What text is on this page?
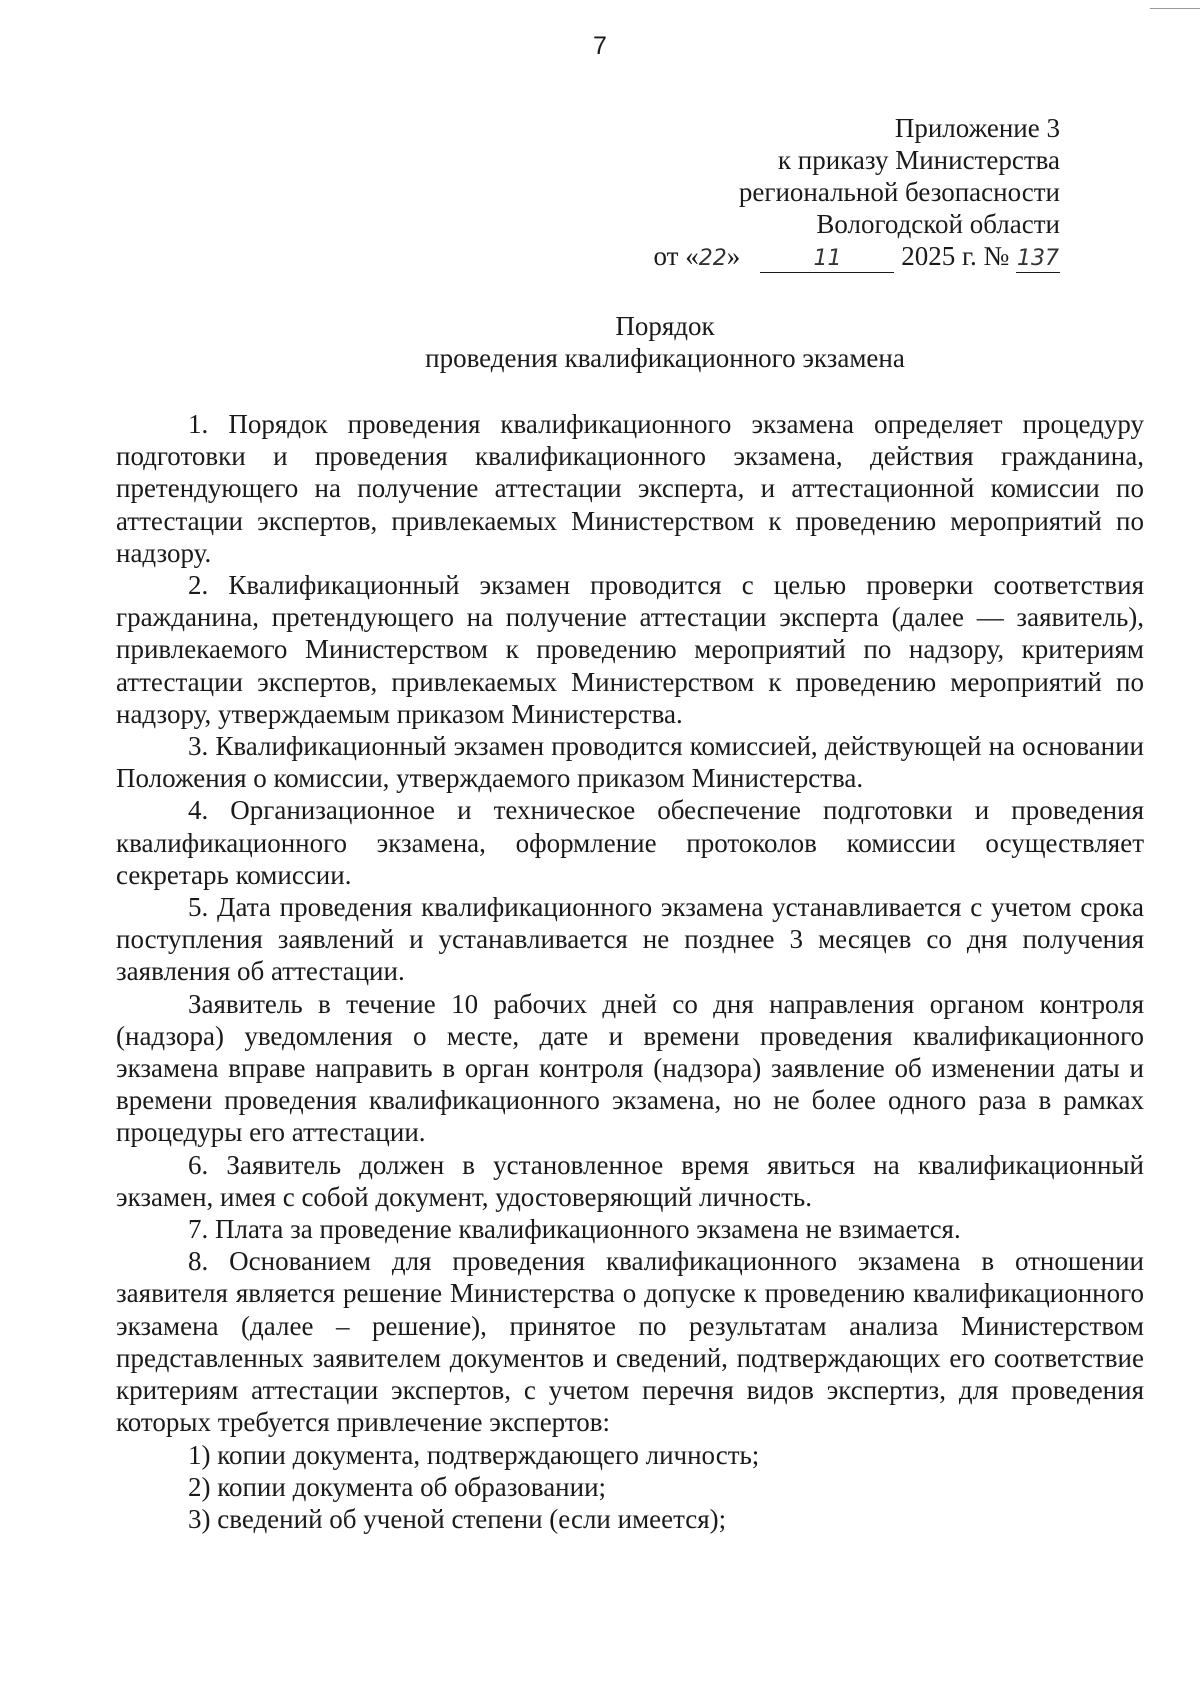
7
Приложение 3
к приказу Министерства
региональной безопасности
Вологодской области
от «22»	11 2025 г. № 137
Порядок
проведения квалификационного экзамена

1. Порядок проведения квалификационного экзамена определяет процедуру подготовки и проведения квалификационного экзамена, действия гражданина, претендующего на получение аттестации эксперта, и аттестационной комиссии по аттестации экспертов, привлекаемых Министерством к проведению мероприятий по надзору.

2. Квалификационный экзамен проводится с целью проверки соответствия гражданина, претендующего на получение аттестации эксперта (далее — заявитель), привлекаемого Министерством к проведению мероприятий по надзору, критериям аттестации экспертов, привлекаемых Министерством к проведению мероприятий по надзору, утверждаемым приказом Министерства.

3. Квалификационный экзамен проводится комиссией, действующей на основании Положения о комиссии, утверждаемого приказом Министерства.

4. Организационное и техническое обеспечение подготовки и проведения квалификационного экзамена, оформление протоколов комиссии осуществляет секретарь комиссии.

5. Дата проведения квалификационного экзамена устанавливается с учетом срока поступления заявлений и устанавливается не позднее 3 месяцев со дня получения заявления об аттестации.

Заявитель в течение 10 рабочих дней со дня направления органом контроля (надзора) уведомления о месте, дате и времени проведения квалификационного экзамена вправе направить в орган контроля (надзора) заявление об изменении даты и времени проведения квалификационного экзамена, но не более одного раза в рамках процедуры его аттестации.

6. Заявитель должен в установленное время явиться на квалификационный экзамен, имея с собой документ, удостоверяющий личность.

7. Плата за проведение квалификационного экзамена не взимается.

8. Основанием для проведения квалификационного экзамена в отношении заявителя является решение Министерства о допуске к проведению квалификационного экзамена (далее – решение), принятое по результатам анализа Министерством представленных заявителем документов и сведений, подтверждающих его соответствие критериям аттестации экспертов, с учетом перечня видов экспертиз, для проведения которых требуется привлечение экспертов:

1) копии документа, подтверждающего личность;

2) копии документа об образовании;

3) сведений об ученой степени (если имеется);
